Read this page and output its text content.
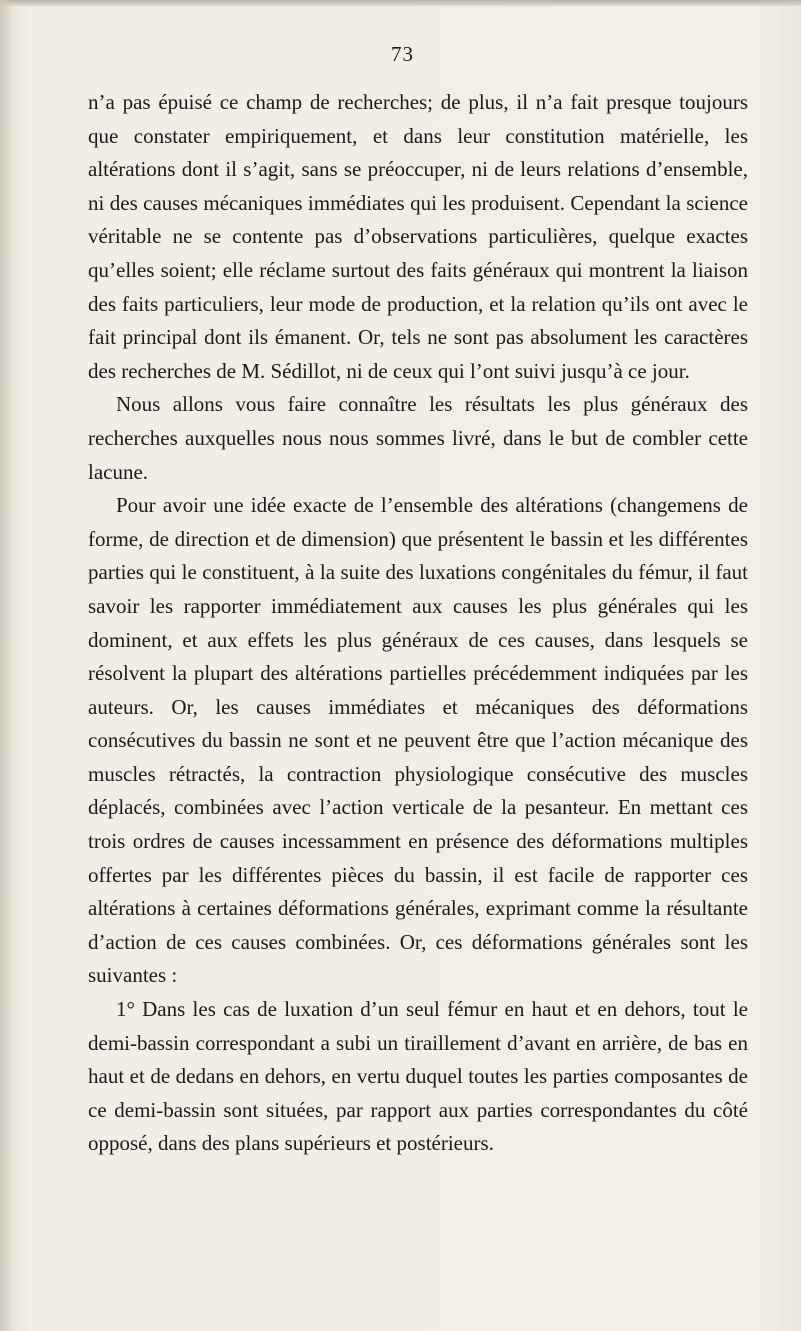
73

n’a pas épuisé ce champ de recherches; de plus, il n’a fait presque toujours que constater empiriquement, et dans leur constitution matérielle, les altérations dont il s’agit, sans se préoccuper, ni de leurs relations d’ensemble, ni des causes mécaniques immédiates qui les produisent. Cependant la science véritable ne se contente pas d’observations particulières, quelque exactes qu’elles soient; elle réclame surtout des faits généraux qui montrent la liaison des faits particuliers, leur mode de production, et la relation qu’ils ont avec le fait principal dont ils émanent. Or, tels ne sont pas absolument les caractères des recherches de M. Sédillot, ni de ceux qui l’ont suivi jusqu’à ce jour.

Nous allons vous faire connaître les résultats les plus généraux des recherches auxquelles nous nous sommes livré, dans le but de combler cette lacune.

Pour avoir une idée exacte de l’ensemble des altérations (changemens de forme, de direction et de dimension) que présentent le bassin et les différentes parties qui le constituent, à la suite des luxations congénitales du fémur, il faut savoir les rapporter immédiatement aux causes les plus générales qui les dominent, et aux effets les plus généraux de ces causes, dans lesquels se résolvent la plupart des altérations partielles précédemment indiquées par les auteurs. Or, les causes immédiates et mécaniques des déformations consécutives du bassin ne sont et ne peuvent être que l’action mécanique des muscles rétractés, la contraction physiologique consécutive des muscles déplacés, combinées avec l’action verticale de la pesanteur. En mettant ces trois ordres de causes incessamment en présence des déformations multiples offertes par les différentes pièces du bassin, il est facile de rapporter ces altérations à certaines déformations générales, exprimant comme la résultante d’action de ces causes combinées. Or, ces déformations générales sont les suivantes :

1° Dans les cas de luxation d’un seul fémur en haut et en dehors, tout le demi-bassin correspondant a subi un tiraillement d’avant en arrière, de bas en haut et de dedans en dehors, en vertu duquel toutes les parties composantes de ce demi-bassin sont situées, par rapport aux parties correspondantes du côté opposé, dans des plans supérieurs et postérieurs.
